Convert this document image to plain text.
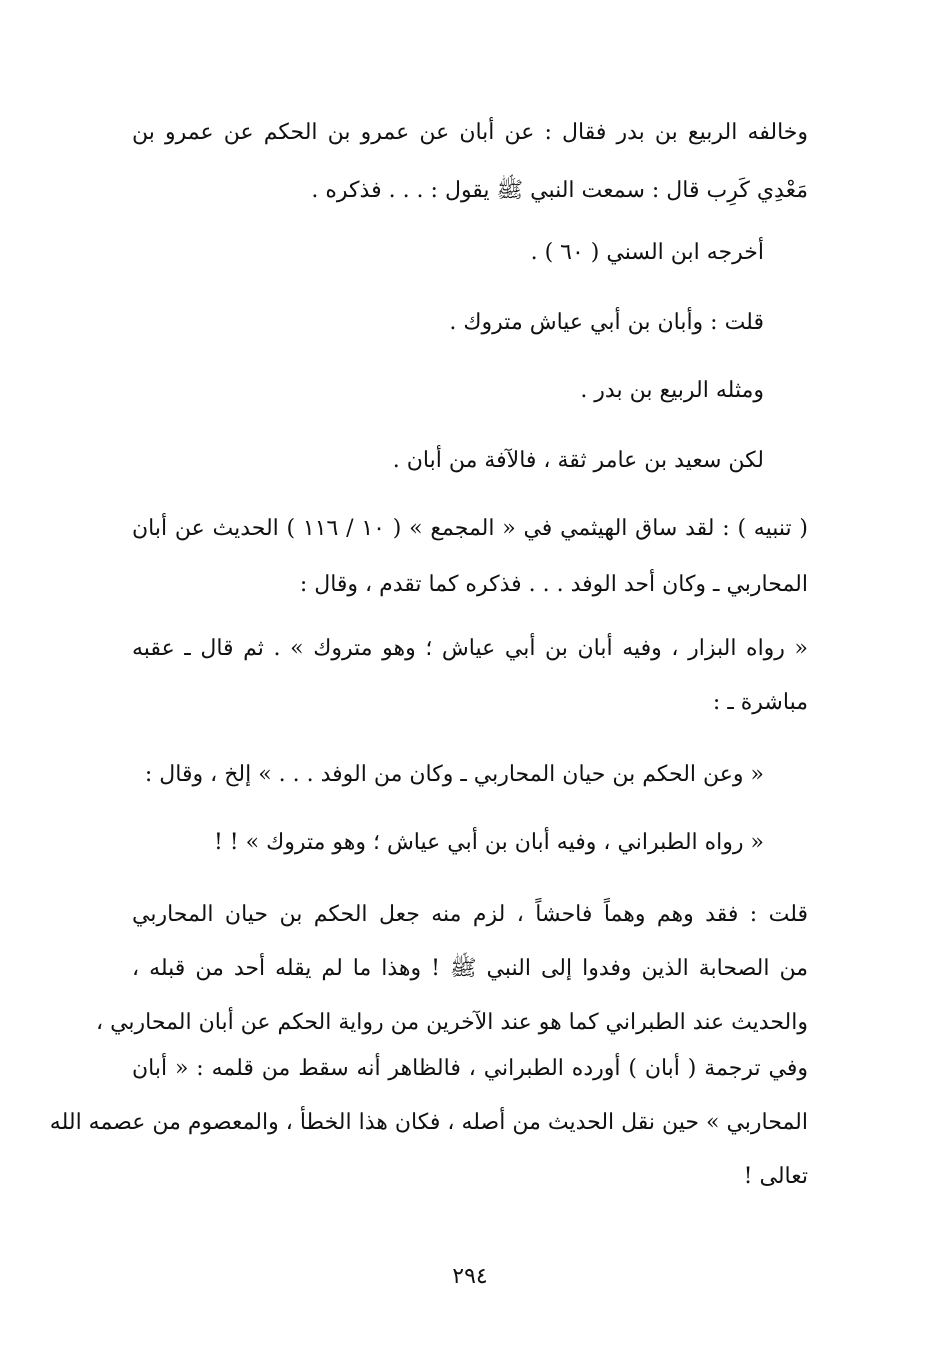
وخالفه الربيع بن بدر فقال : عن أبان عن عمرو بن الحكم عن عمرو بن
مَعْدِي كَرِب قال : سمعت النبي ﷺ يقول : . . . فذكره .
أخرجه ابن السني ( ٦٠ ) .
قلت : وأبان بن أبي عياش متروك .
ومثله الربيع بن بدر .
لكن سعيد بن عامر ثقة ، فالآفة من أبان .
( تنبيه ) : لقد ساق الهيثمي في « المجمع » ( ١٠ / ١١٦ ) الحديث عن أبان
المحاربي ـ وكان أحد الوفد . . . فذكره كما تقدم ، وقال :
« رواه البزار ، وفيه أبان بن أبي عياش ؛ وهو متروك » . ثم قال ـ عقبه
مباشرة ـ :
« وعن الحكم بن حيان المحاربي ـ وكان من الوفد . . . » إلخ ، وقال :
« رواه الطبراني ، وفيه أبان بن أبي عياش ؛ وهو متروك » ! !
قلت : فقد وهم وهماً فاحشاً ، لزم منه جعل الحكم بن حيان المحاربي
من الصحابة الذين وفدوا إلى النبي ﷺ ! وهذا ما لم يقله أحد من قبله ،
والحديث عند الطبراني كما هو عند الآخرين من رواية الحكم عن أبان المحاربي ،
وفي ترجمة ( أبان ) أورده الطبراني ، فالظاهر أنه سقط من قلمه : « أبان
المحاربي » حين نقل الحديث من أصله ، فكان هذا الخطأ ، والمعصوم من عصمه الله
تعالى !
٢٩٤
